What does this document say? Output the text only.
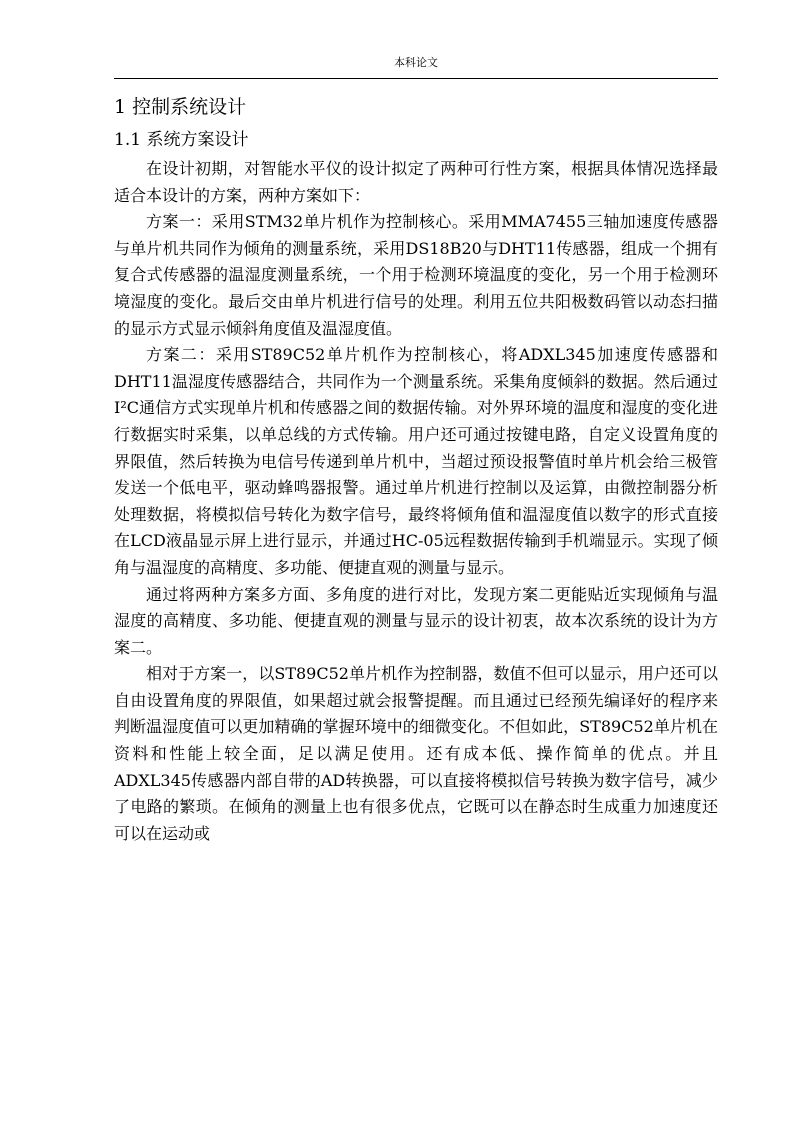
本科论文
1 控制系统设计
1.1 系统方案设计

在设计初期，对智能水平仪的设计拟定了两种可行性方案，根据具体情况选择最适合本设计的方案，两种方案如下：

方案一：采用STM32单片机作为控制核心。采用MMA7455三轴加速度传感器与单片机共同作为倾角的测量系统，采用DS18B20与DHT11传感器，组成一个拥有复合式传感器的温湿度测量系统，一个用于检测环境温度的变化，另一个用于检测环境湿度的变化。最后交由单片机进行信号的处理。利用五位共阳极数码管以动态扫描的显示方式显示倾斜角度值及温湿度值。

方案二：采用ST89C52单片机作为控制核心，将ADXL345加速度传感器和DHT11温湿度传感器结合，共同作为一个测量系统。采集角度倾斜的数据。然后通过I²C通信方式实现单片机和传感器之间的数据传输。对外界环境的温度和湿度的变化进行数据实时采集，以单总线的方式传输。用户还可通过按键电路，自定义设置角度的界限值，然后转换为电信号传递到单片机中，当超过预设报警值时单片机会给三极管发送一个低电平，驱动蜂鸣器报警。通过单片机进行控制以及运算，由微控制器分析处理数据，将模拟信号转化为数字信号，最终将倾角值和温湿度值以数字的形式直接在LCD液晶显示屏上进行显示，并通过HC-05远程数据传输到手机端显示。实现了倾角与温湿度的高精度、多功能、便捷直观的测量与显示。

通过将两种方案多方面、多角度的进行对比，发现方案二更能贴近实现倾角与温湿度的高精度、多功能、便捷直观的测量与显示的设计初衷，故本次系统的设计为方案二。

相对于方案一，以ST89C52单片机作为控制器，数值不但可以显示，用户还可以自由设置角度的界限值，如果超过就会报警提醒。而且通过已经预先编译好的程序来判断温湿度值可以更加精确的掌握环境中的细微变化。不但如此，ST89C52单片机在资料和性能上较全面，足以满足使用。还有成本低、操作简单的优点。并且ADXL345传感器内部自带的AD转换器，可以直接将模拟信号转换为数字信号，减少了电路的繁琐。在倾角的测量上也有很多优点，它既可以在静态时生成重力加速度还可以在运动或
